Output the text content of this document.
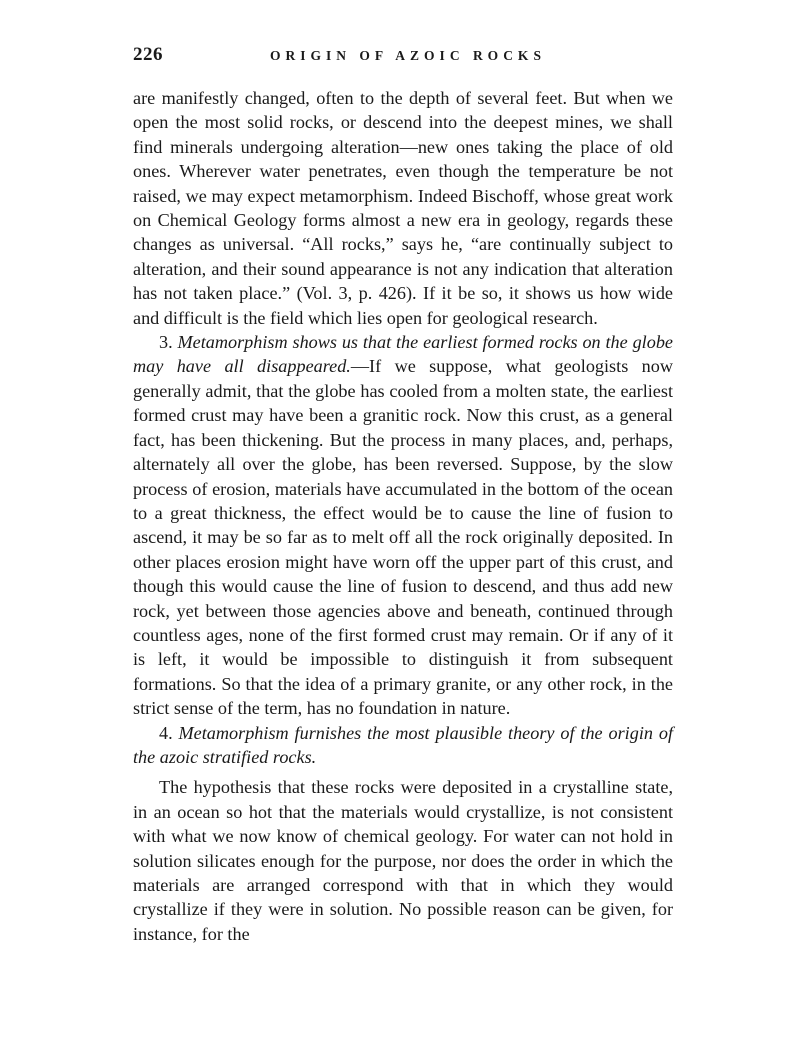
226	ORIGIN OF AZOIC ROCKS

are manifestly changed, often to the depth of several feet. But when we open the most solid rocks, or descend into the deepest mines, we shall find minerals undergoing alteration—new ones taking the place of old ones. Wherever water penetrates, even though the temperature be not raised, we may expect metamorphism. Indeed Bischoff, whose great work on Chemical Geology forms almost a new era in geology, regards these changes as universal. “All rocks,” says he, “are continually subject to alteration, and their sound appearance is not any indication that alteration has not taken place.” (Vol. 3, p. 426). If it be so, it shows us how wide and difficult is the field which lies open for geological research.

3. Metamorphism shows us that the earliest formed rocks on the globe may have all disappeared.—If we suppose, what geologists now generally admit, that the globe has cooled from a molten state, the earliest formed crust may have been a granitic rock. Now this crust, as a general fact, has been thickening. But the process in many places, and, perhaps, alternately all over the globe, has been reversed. Suppose, by the slow process of erosion, materials have accumulated in the bottom of the ocean to a great thickness, the effect would be to cause the line of fusion to ascend, it may be so far as to melt off all the rock originally deposited. In other places erosion might have worn off the upper part of this crust, and though this would cause the line of fusion to descend, and thus add new rock, yet between those agencies above and beneath, continued through countless ages, none of the first formed crust may remain. Or if any of it is left, it would be impossible to distinguish it from subsequent formations. So that the idea of a primary granite, or any other rock, in the strict sense of the term, has no foundation in nature.

4. Metamorphism furnishes the most plausible theory of the origin of the azoic stratified rocks.

The hypothesis that these rocks were deposited in a crystalline state, in an ocean so hot that the materials would crystallize, is not consistent with what we now know of chemical geology. For water can not hold in solution silicates enough for the purpose, nor does the order in which the materials are arranged correspond with that in which they would crystallize if they were in solution. No possible reason can be given, for instance, for the
